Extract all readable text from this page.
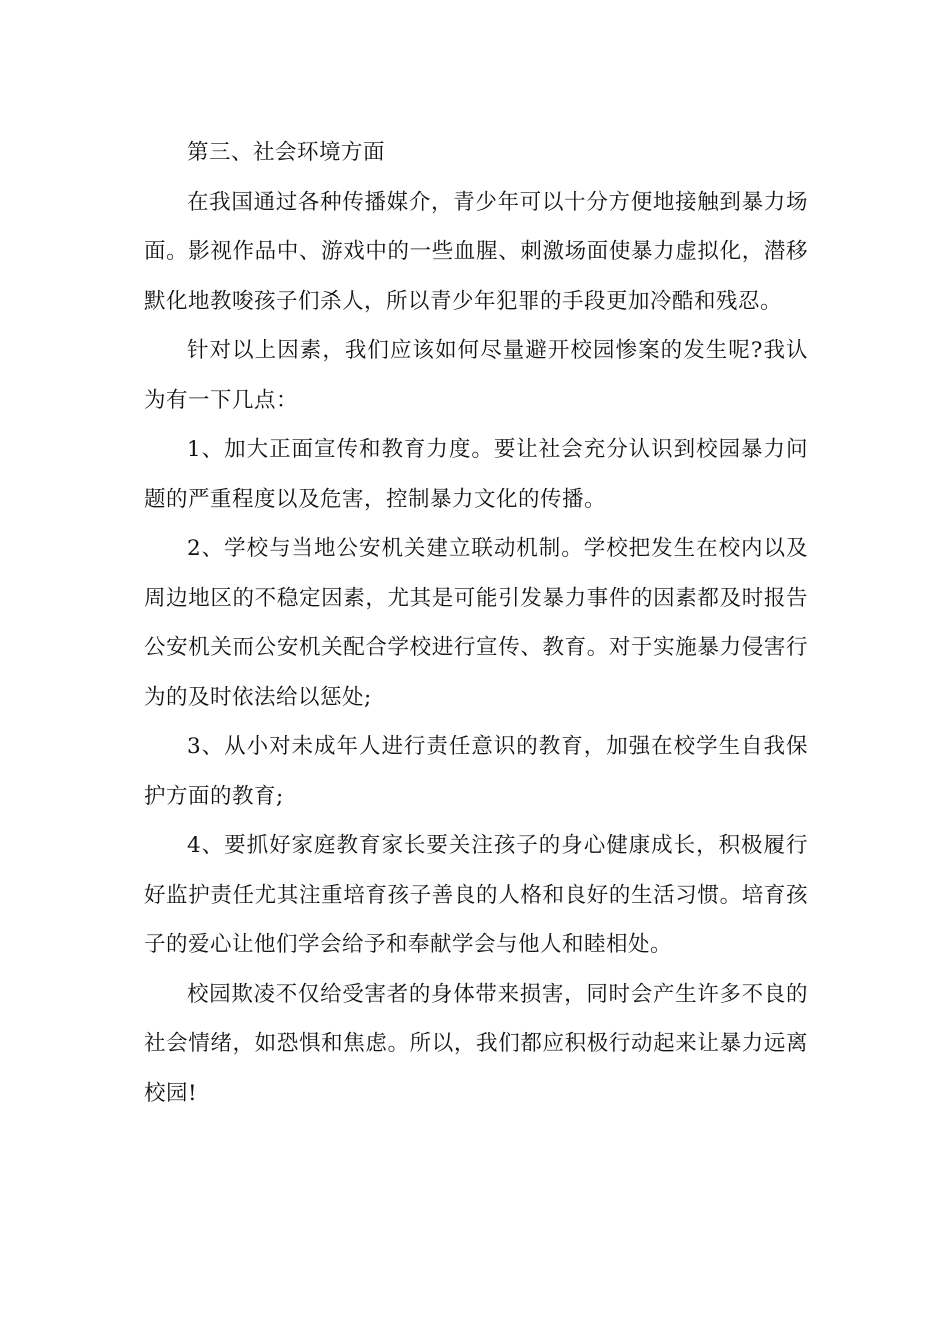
第三、社会环境方面

在我国通过各种传播媒介，青少年可以十分方便地接触到暴力场面。影视作品中、游戏中的一些血腥、刺激场面使暴力虚拟化，潜移默化地教唆孩子们杀人，所以青少年犯罪的手段更加冷酷和残忍。

针对以上因素，我们应该如何尽量避开校园惨案的发生呢?我认为有一下几点：

1、加大正面宣传和教育力度。要让社会充分认识到校园暴力问题的严重程度以及危害，控制暴力文化的传播。

2、学校与当地公安机关建立联动机制。学校把发生在校内以及周边地区的不稳定因素，尤其是可能引发暴力事件的因素都及时报告公安机关而公安机关配合学校进行宣传、教育。对于实施暴力侵害行为的及时依法给以惩处;

3、从小对未成年人进行责任意识的教育，加强在校学生自我保护方面的教育;

4、要抓好家庭教育家长要关注孩子的身心健康成长，积极履行好监护责任尤其注重培育孩子善良的人格和良好的生活习惯。培育孩子的爱心让他们学会给予和奉献学会与他人和睦相处。

校园欺凌不仅给受害者的身体带来损害，同时会产生许多不良的社会情绪，如恐惧和焦虑。所以，我们都应积极行动起来让暴力远离校园!
